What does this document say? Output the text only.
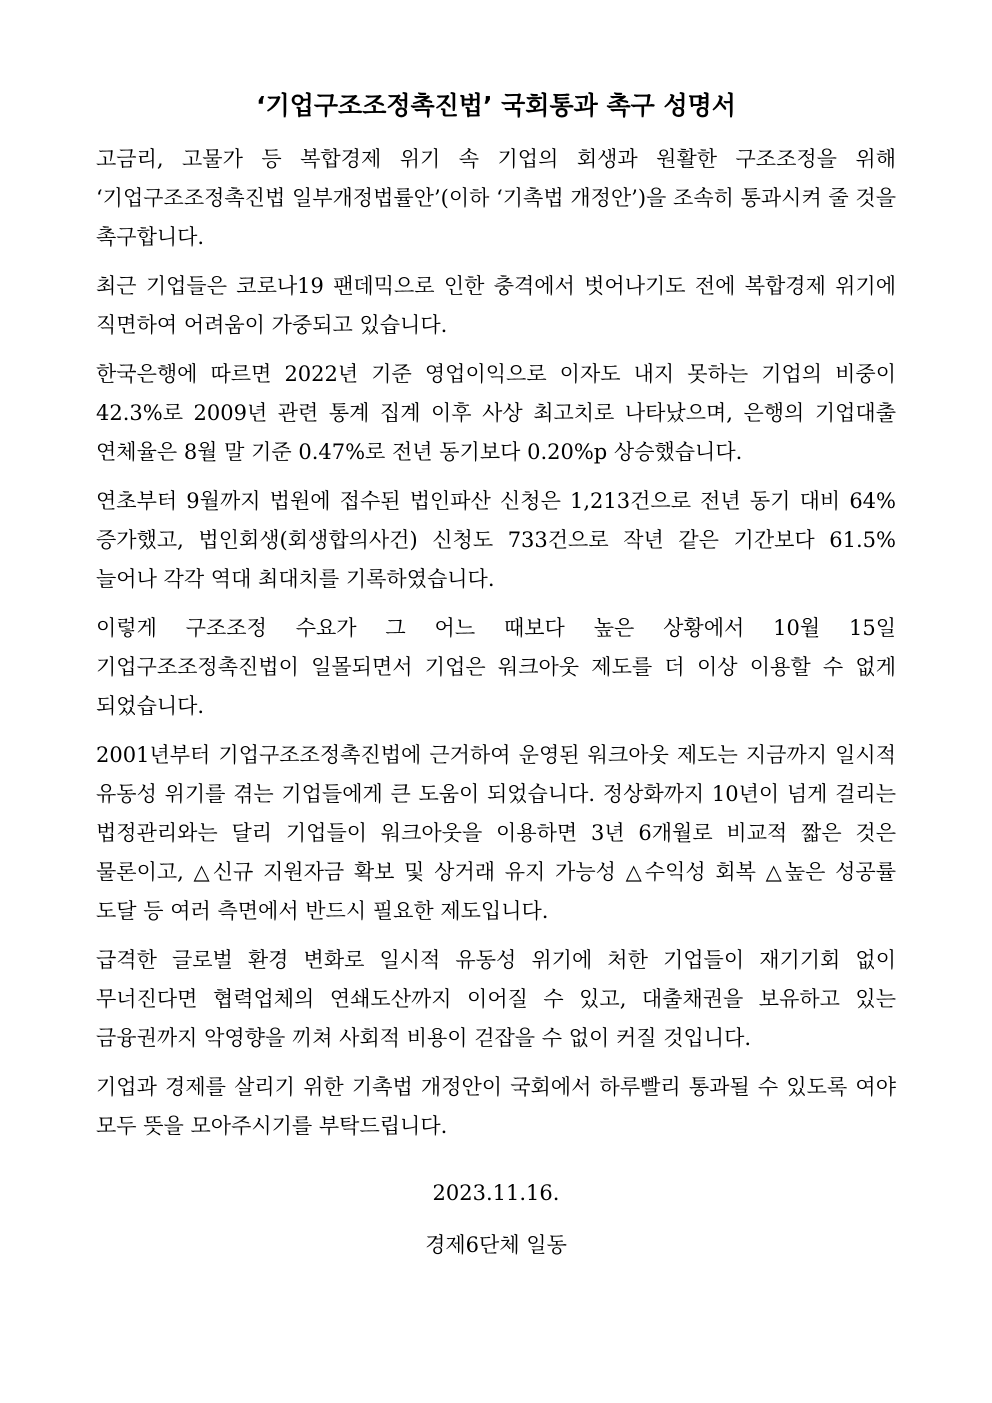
‘기업구조조정촉진법’ 국회통과 촉구 성명서

고금리, 고물가 등 복합경제 위기 속 기업의 회생과 원활한 구조조정을 위해 ‘기업구조조정촉진법 일부개정법률안’(이하 ‘기촉법 개정안’)을 조속히 통과시켜 줄 것을 촉구합니다.

최근 기업들은 코로나19 팬데믹으로 인한 충격에서 벗어나기도 전에 복합경제 위기에 직면하여 어려움이 가중되고 있습니다.

한국은행에 따르면 2022년 기준 영업이익으로 이자도 내지 못하는 기업의 비중이 42.3%로 2009년 관련 통계 집계 이후 사상 최고치로 나타났으며, 은행의 기업대출 연체율은 8월 말 기준 0.47%로 전년 동기보다 0.20%p 상승했습니다.

연초부터 9월까지 법원에 접수된 법인파산 신청은 1,213건으로 전년 동기 대비 64% 증가했고, 법인회생(회생합의사건) 신청도 733건으로 작년 같은 기간보다 61.5% 늘어나 각각 역대 최대치를 기록하였습니다.

이렇게 구조조정 수요가 그 어느 때보다 높은 상황에서 10월 15일 기업구조조정촉진법이 일몰되면서 기업은 워크아웃 제도를 더 이상 이용할 수 없게 되었습니다.

2001년부터 기업구조조정촉진법에 근거하여 운영된 워크아웃 제도는 지금까지 일시적 유동성 위기를 겪는 기업들에게 큰 도움이 되었습니다. 정상화까지 10년이 넘게 걸리는 법정관리와는 달리 기업들이 워크아웃을 이용하면 3년 6개월로 비교적 짧은 것은 물론이고, △신규 지원자금 확보 및 상거래 유지 가능성 △수익성 회복 △높은 성공률 도달 등 여러 측면에서 반드시 필요한 제도입니다.

급격한 글로벌 환경 변화로 일시적 유동성 위기에 처한 기업들이 재기기회 없이 무너진다면 협력업체의 연쇄도산까지 이어질 수 있고, 대출채권을 보유하고 있는 금융권까지 악영향을 끼쳐 사회적 비용이 걷잡을 수 없이 커질 것입니다.

기업과 경제를 살리기 위한 기촉법 개정안이 국회에서 하루빨리 통과될 수 있도록 여야 모두 뜻을 모아주시기를 부탁드립니다.

2023.11.16.
경제6단체 일동
